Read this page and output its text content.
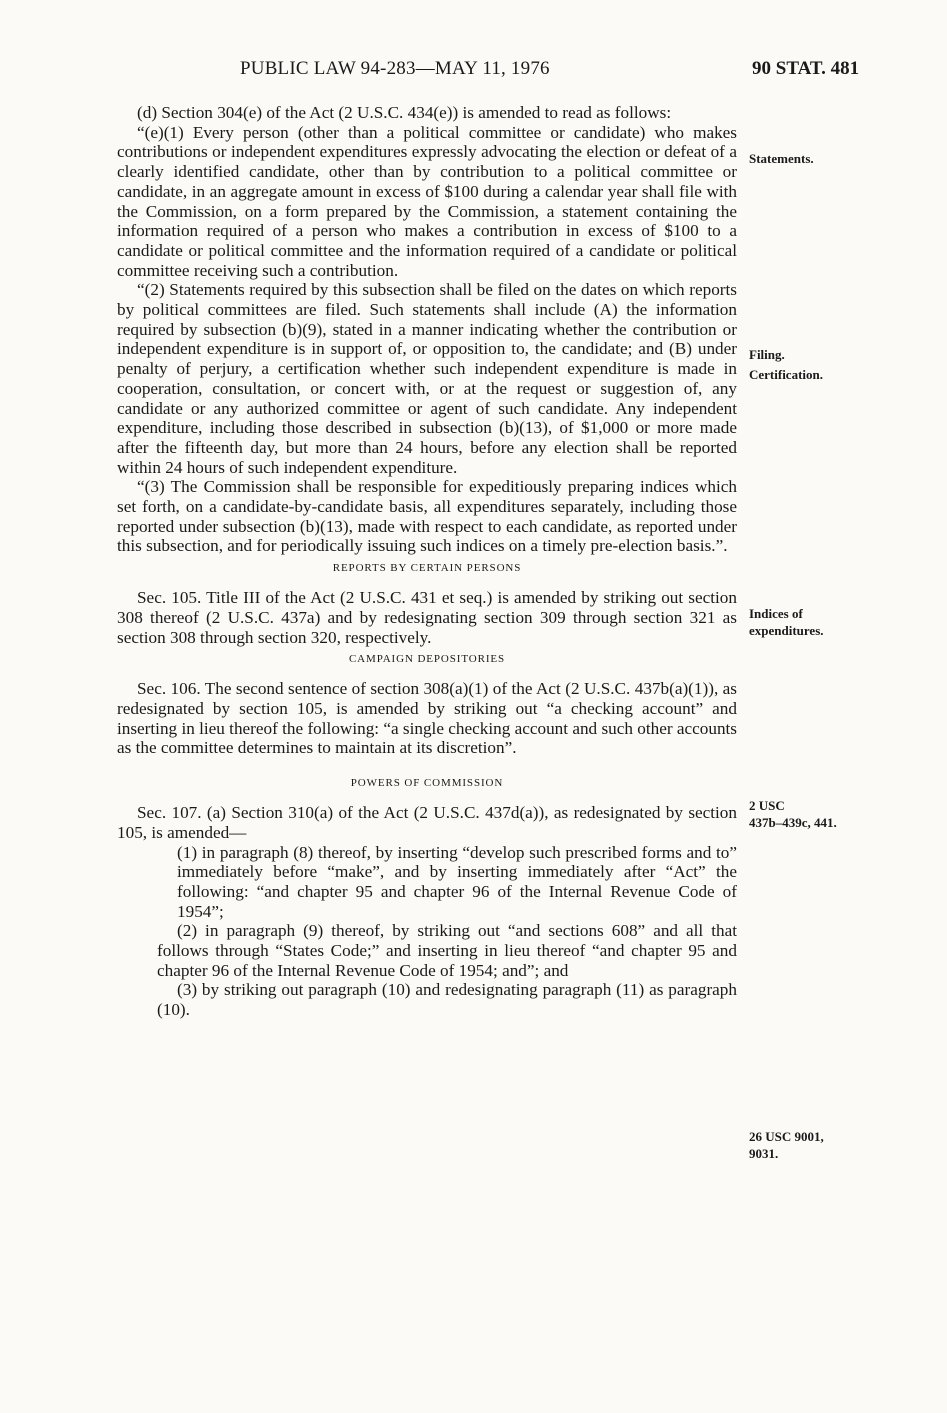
PUBLIC LAW 94-283—MAY 11, 1976	90 STAT. 481

(d) Section 304(e) of the Act (2 U.S.C. 434(e)) is amended to read as follows:

“(e)(1) Every person (other than a political committee or candidate) who makes contributions or independent expenditures expressly advocating the election or defeat of a clearly identified candidate, other than by contribution to a political committee or candidate, in an aggregate amount in excess of $100 during a calendar year shall file with the Commission, on a form prepared by the Commission, a statement containing the information required of a person who makes a contribution in excess of $100 to a candidate or political committee and the information required of a candidate or political committee receiving such a contribution.

“(2) Statements required by this subsection shall be filed on the dates on which reports by political committees are filed. Such statements shall include (A) the information required by subsection (b)(9), stated in a manner indicating whether the contribution or independent expenditure is in support of, or opposition to, the candidate; and (B) under penalty of perjury, a certification whether such independent expenditure is made in cooperation, consultation, or concert with, or at the request or suggestion of, any candidate or any authorized committee or agent of such candidate. Any independent expenditure, including those described in subsection (b)(13), of $1,000 or more made after the fifteenth day, but more than 24 hours, before any election shall be reported within 24 hours of such independent expenditure.

“(3) The Commission shall be responsible for expeditiously preparing indices which set forth, on a candidate-by-candidate basis, all expenditures separately, including those reported under subsection (b)(13), made with respect to each candidate, as reported under this subsection, and for periodically issuing such indices on a timely pre-election basis.”.

REPORTS BY CERTAIN PERSONS

Sec. 105. Title III of the Act (2 U.S.C. 431 et seq.) is amended by striking out section 308 thereof (2 U.S.C. 437a) and by redesignating section 309 through section 321 as section 308 through section 320, respectively.

CAMPAIGN DEPOSITORIES

Sec. 106. The second sentence of section 308(a)(1) of the Act (2 U.S.C. 437b(a)(1)), as redesignated by section 105, is amended by striking out “a checking account” and inserting in lieu thereof the following: “a single checking account and such other accounts as the committee determines to maintain at its discretion”.

POWERS OF COMMISSION

Sec. 107. (a) Section 310(a) of the Act (2 U.S.C. 437d(a)), as redesignated by section 105, is amended—

(1) in paragraph (8) thereof, by inserting “develop such prescribed forms and to” immediately before “make”, and by inserting immediately after “Act” the following: “and chapter 95 and chapter 96 of the Internal Revenue Code of 1954”;

(2) in paragraph (9) thereof, by striking out “and sections 608” and all that follows through “States Code;” and inserting in lieu thereof “and chapter 95 and chapter 96 of the Internal Revenue Code of 1954; and”; and

(3) by striking out paragraph (10) and redesignating paragraph (11) as paragraph (10).

Statements.
Filing.
Certification.
Indices of
expenditures.
2 USC
437b–439c, 441.
26 USC 9001,
9031.
